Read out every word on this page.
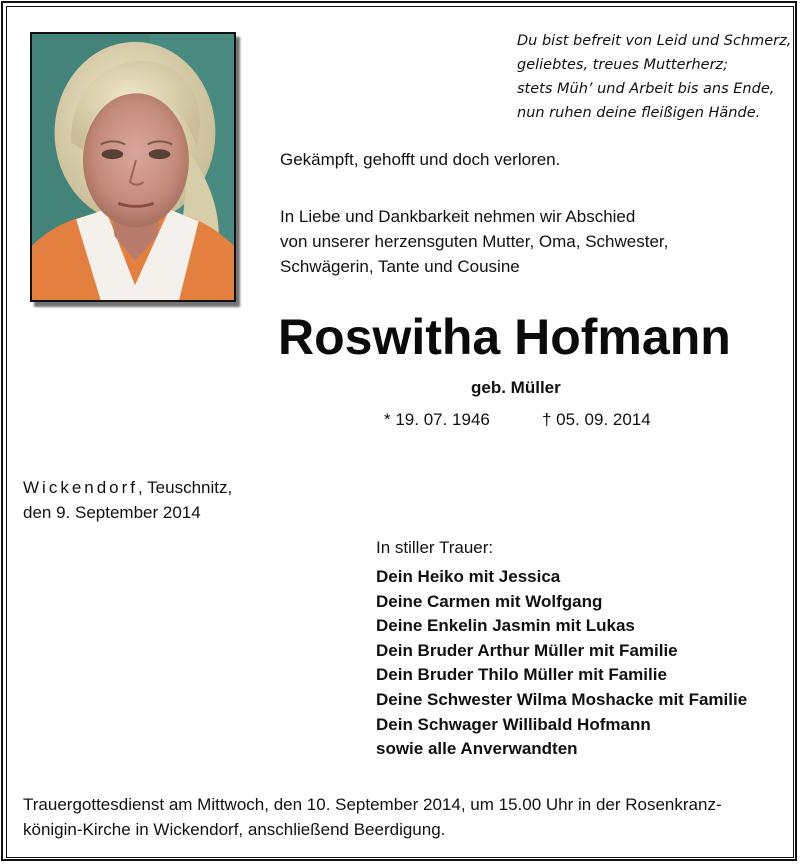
Du bist befreit von Leid und Schmerz,
geliebtes, treues Mutterherz;
stets Müh’ und Arbeit bis ans Ende,
nun ruhen deine fleißigen Hände.
Gekämpft, gehofft und doch verloren.
In Liebe und Dankbarkeit nehmen wir Abschied
von unserer herzensguten Mutter, Oma, Schwester,
Schwägerin, Tante und Cousine
Roswitha Hofmann
geb. Müller
* 19. 07. 1946	† 05. 09. 2014
Wickendorf, Teuschnitz,
den 9. September 2014
In stiller Trauer:
Dein Heiko mit Jessica
Deine Carmen mit Wolfgang
Deine Enkelin Jasmin mit Lukas
Dein Bruder Arthur Müller mit Familie
Dein Bruder Thilo Müller mit Familie
Deine Schwester Wilma Moshacke mit Familie
Dein Schwager Willibald Hofmann
sowie alle Anverwandten
Trauergottesdienst am Mittwoch, den 10. September 2014, um 15.00 Uhr in der Rosenkranz-
königin-Kirche in Wickendorf, anschließend Beerdigung.
